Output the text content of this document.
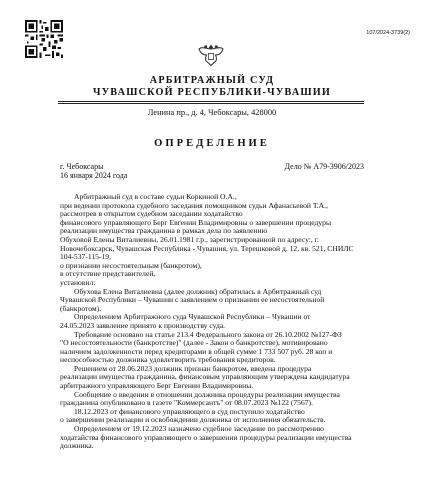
107/2024-3739(2)
АРБИТРАЖНЫЙ СУД
ЧУВАШСКОЙ РЕСПУБЛИКИ-ЧУВАШИИ
Ленина пр., д. 4, Чебоксары, 428000
ОПРЕДЕЛЕНИЕ
г. Чебоксары
16 января 2024 года
Дело № А79-3906/2023
Арбитражный суд в составе судьи Коркиной О.А.,
при ведении протокола судебного заседания помощником судьи Афанасьевой Т.А.,
рассмотрев в открытом судебном заседании ходатайство
финансового управляющего Берг Евгении Владимировны о завершении процедуры
реализации имущества гражданина в рамках дела по заявлению
Обуховой Елены Виталиевны, 26.01.1981 г.р., зарегистрированной по адресу:, г.
Новочебоксарск, Чувашская Республика - Чувашия, ул. Терешковой д. 12, кв. 521, СНИЛС
104-537-115-19,
о признании несостоятельным (банкротом),
в отсутствие представителей,
установил:
Обухова Елена Виталиевна (далее должник) обратилась в Арбитражный суд
Чувашской Республики – Чувашии с заявлением о признании ее несостоятельной
(банкротом).
Определением Арбитражного суда Чувашской Республики – Чувашии от
24.05.2023 заявление принято к производству суда.
Требование основано на статье 213.4 Федерального закона от 26.10.2002 №127-ФЗ
"О несостоятельности (банкротстве)" (далее - Закон о банкротстве), мотивировано
наличием задолженности перед кредиторами в общей сумме 1 733 507 руб. 28 коп и
неспособностью должника удовлетворить требования кредиторов.
Решением от 28.06.2023 должник признан банкротом, введена процедура
реализации имущества гражданина, финансовым управляющим утверждена кандидатура
арбитражного управляющего Берг Евгении Владимировны.
Сообщение о введении в отношении должника процедуры реализации имущества
гражданина опубликовано в газете "Коммерсантъ" от 08.07.2023 №122 (7567).
18.12.2023 от финансового управляющего в суд поступило ходатайство
о завершении реализации и освобождении должника от исполнения обязательств.
Определением от 19.12.2023 назначено судебное заседание по рассмотрению
ходатайства финансового управляющего о завершении процедуры реализации имущества
должника.
